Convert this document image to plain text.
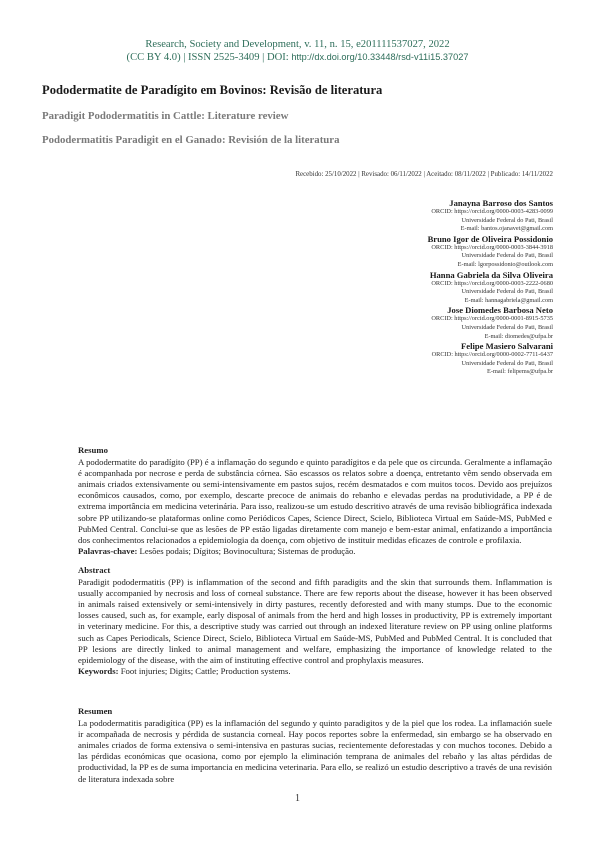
Research, Society and Development, v. 11, n. 15, e201111537027, 2022
(CC BY 4.0) | ISSN 2525-3409 | DOI: http://dx.doi.org/10.33448/rsd-v11i15.37027
Pododermatite de Paradígito em Bovinos: Revisão de literatura
Paradigit Pododermatitis in Cattle: Literature review
Pododermatitis Paradigit en el Ganado: Revisión de la literatura
Recebido: 25/10/2022 | Revisado: 06/11/2022 | Aceitado: 08/11/2022 | Publicado: 14/11/2022
Janayna Barroso dos Santos
ORCID: https://orcid.org/0000-0003-4283-0099
Universidade Federal do Pati, Brasil
E-mail: bantos.ojanavet@gmail.com
Bruno Igor de Oliveira Possidonio
ORCID: https://orcid.org/0000-0003-3844-3918
Universidade Federal do Pati, Brasil
E-mail: lgorpossidonio@outlook.com
Hanna Gabriela da Silva Oliveira
ORCID: https://orcid.org/0000-0003-2222-0680
Universidade Federal do Pati, Brasil
E-mail: hannagabriela@gmail.com
Jose Diomedes Barbosa Neto
ORCID: https://orcid.org/0000-0001-8915-5735
Universidade Federal do Pati, Brasil
E-mail: diomedes@ufpa.br
Felipe Masiero Salvarani
ORCID: https://orcid.org/0000-0002-7711-6437
Universidade Federal do Pati, Brasil
E-mail: felipems@ufpa.br
Resumo

A pododermatite do paradígito (PP) é a inflamação do segundo e quinto paradígitos e da pele que os circunda. Geralmente a inflamação é acompanhada por necrose e perda de substância córnea. São escassos os relatos sobre a doença, entretanto vêm sendo observada em animais criados extensivamente ou semi-intensivamente em pastos sujos, recém desmatados e com muitos tocos. Devido aos prejuízos econômicos causados, como, por exemplo, descarte precoce de animais do rebanho e elevadas perdas na produtividade, a PP é de extrema importância em medicina veterinária. Para isso, realizou-se um estudo descritivo através de uma revisão bibliográfica indexada sobre PP utilizando-se plataformas online como Periódicos Capes, Science Direct, Scielo, Biblioteca Virtual em Saúde-MS, PubMed e PubMed Central. Conclui-se que as lesões de PP estão ligadas diretamente com manejo e bem-estar animal, enfatizando a importância dos conhecimentos relacionados a epidemiologia da doença, com objetivo de instituir medidas eficazes de controle e profilaxia.

Palavras-chave: Lesões podais; Dígitos; Bovinocultura; Sistemas de produção.

Abstract

Paradigit pododermatitis (PP) is inflammation of the second and fifth paradigits and the skin that surrounds them. Inflammation is usually accompanied by necrosis and loss of corneal substance. There are few reports about the disease, however it has been observed in animals raised extensively or semi-intensively in dirty pastures, recently deforested and with many stumps. Due to the economic losses caused, such as, for example, early disposal of animals from the herd and high losses in productivity, PP is extremely important in veterinary medicine. For this, a descriptive study was carried out through an indexed literature review on PP using online platforms such as Capes Periodicals, Science Direct, Scielo, Biblioteca Virtual em Saúde-MS, PubMed and PubMed Central. It is concluded that PP lesions are directly linked to animal management and welfare, emphasizing the importance of knowledge related to the epidemiology of the disease, with the aim of instituting effective control and prophylaxis measures.

Keywords: Foot injuries; Digits; Cattle; Production systems.

Resumen

La pododermatitis paradigítica (PP) es la inflamación del segundo y quinto paradigitos y de la piel que los rodea. La inflamación suele ir acompañada de necrosis y pérdida de sustancia corneal. Hay pocos reportes sobre la enfermedad, sin embargo se ha observado en animales criados de forma extensiva o semi-intensiva en pasturas sucias, recientemente deforestadas y con muchos tocones. Debido a las pérdidas económicas que ocasiona, como por ejemplo la eliminación temprana de animales del rebaño y las altas pérdidas de productividad, la PP es de suma importancia en medicina veterinaria. Para ello, se realizó un estudio descriptivo a través de una revisión de literatura indexada sobre

1
